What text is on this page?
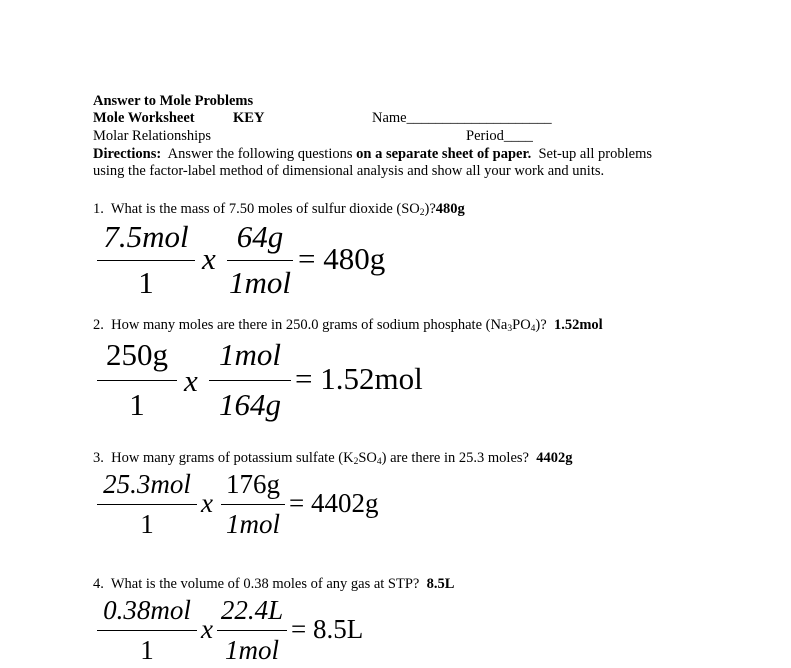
Answer to Mole Problems
Mole Worksheet	KEY	Name____________________
Molar Relationships	Period____
Directions: Answer the following questions on a separate sheet of paper. Set-up all problems
using the factor-label method of dimensional analysis and show all your work and units.
1. What is the mass of 7.50 moles of sulfur dioxide $(SO_2)?480g$
7.5mol
1
x
64g
1mol
= 480g
2. How many moles are there in 250.0 grams of sodium phosphate $(Na_3PO_4)$? 1.52mol
250g
1
x
1mol
164g
= 1.52mol
3. How many grams of potassium sulfate $(K_2SO_4)$ are there in 25.3 moles? 4402g
25.3mol
1
x
176g
1mol
= 4402g
4. What is the volume of 0.38 moles of any gas at STP? 8.5L
0.38mol
1
x
22.4L
1mol
= 8.5L
